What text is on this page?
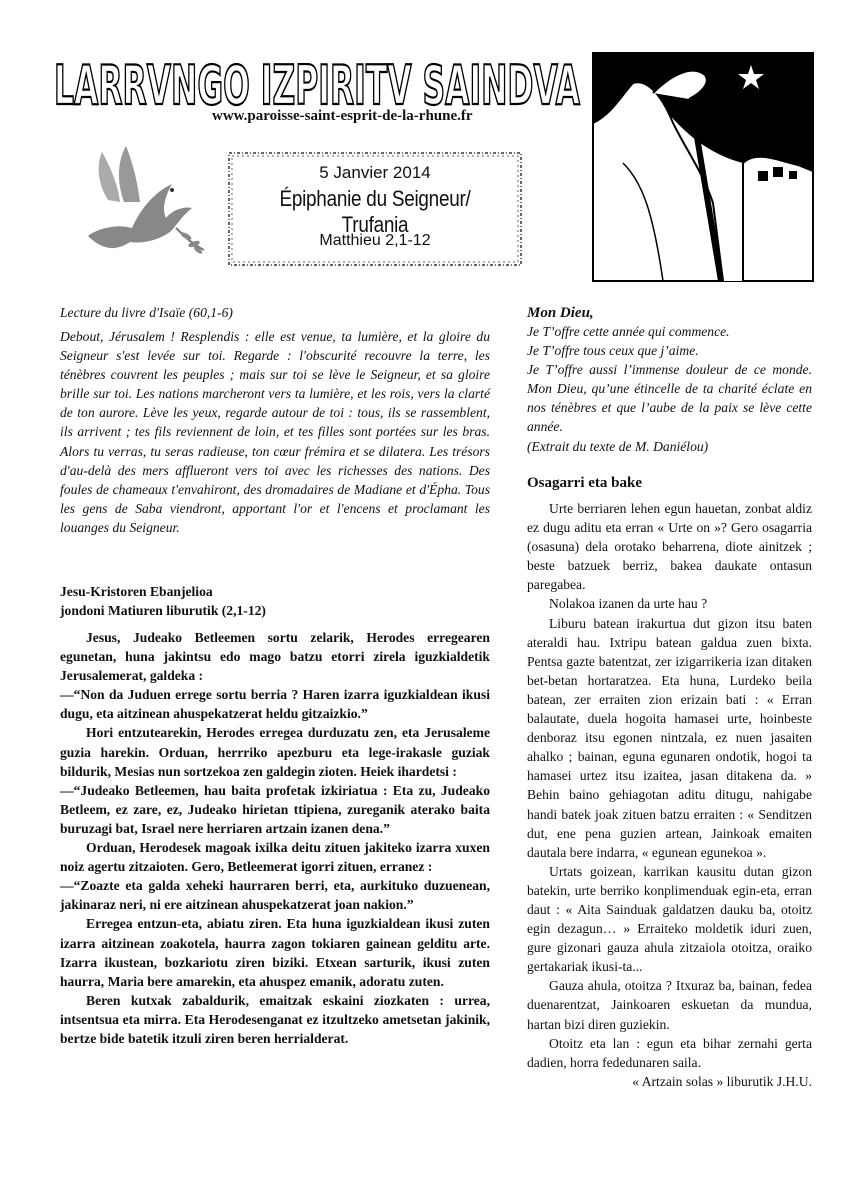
LARRVNGO IZPIRITV SAINDVA
www.paroisse-saint-esprit-de-la-rhune.fr
5 Janvier 2014
Épiphanie du Seigneur/ Trufania
Matthieu 2,1-12
Lecture du livre d'Isaïe (60,1-6)
Debout, Jérusalem ! Resplendis : elle est venue, ta lumière, et la gloire du Seigneur s'est levée sur toi. Regarde : l'obscurité recouvre la terre, les ténèbres couvrent les peuples ; mais sur toi se lève le Seigneur, et sa gloire brille sur toi. Les nations marcheront vers ta lumière, et les rois, vers la clarté de ton aurore. Lève les yeux, regarde autour de toi : tous, ils se rassemblent, ils arrivent ; tes fils reviennent de loin, et tes filles sont portées sur les bras. Alors tu verras, tu seras radieuse, ton cœur frémira et se dilatera. Les trésors d'au-delà des mers afflueront vers toi avec les richesses des nations. Des foules de chameaux t'envahiront, des dromadaires de Madiane et d'Épha. Tous les gens de Saba viendront, apportant l'or et l'encens et proclamant les louanges du Seigneur.
Jesu-Kristoren Ebanjelioa
jondoni Matiuren liburutik (2,1-12)

Jesus, Judeako Betleemen sortu zelarik, Herodes erregearen egunetan, huna jakintsu edo mago batzu etorri zirela iguzkialdetik Jerusalemerat, galdeka :

—“Non da Juduen errege sortu berria ? Haren izarra iguzkialdean ikusi dugu, eta aitzinean ahuspekatzerat heldu gitzaizkio.”

Hori entzutearekin, Herodes erregea durduzatu zen, eta Jerusaleme guzia harekin. Orduan, herrriko apezburu eta lege-irakasle guziak bildurik, Mesias nun sortzekoa zen galdegin zioten. Heiek ihardetsi :

—“Judeako Betleemen, hau baita profetak izkiriatua : Eta zu, Judeako Betleem, ez zare, ez, Judeako hirietan ttipiena, zureganik aterako baita buruzagi bat, Israel nere herriaren artzain izanen dena.”

Orduan, Herodesek magoak ixilka deitu zituen jakiteko izarra xuxen noiz agertu zitzaioten. Gero, Betleemerat igorri zituen, erranez :

—“Zoazte eta galda xeheki haurraren berri, eta, aurkituko duzuenean, jakinaraz neri, ni ere aitzinean ahuspekatzerat joan nakion.”

Erregea entzun-eta, abiatu ziren. Eta huna iguzkialdean ikusi zuten izarra aitzinean zoakotela, haurra zagon tokiaren gainean gelditu arte. Izarra ikustean, bozkariotu ziren biziki. Etxean sarturik, ikusi zuten haurra, Maria bere amarekin, eta ahuspez emanik, adoratu zuten.

Beren kutxak zabaldurik, emaitzak eskaini ziozkaten : urrea, intsentsua eta mirra. Eta Herodesenganat ez itzultzeko ametsetan jakinik, bertze bide batetik itzuli ziren beren herrialderat.

Mon Dieu,

Je T’offre cette année qui commence.

Je T’offre tous ceux que j’aime.

Je T’offre aussi l’immense douleur de ce monde. Mon Dieu, qu’une étincelle de ta charité éclate en nos ténèbres et que l’aube de la paix se lève cette année.

(Extrait du texte de M. Daniélou)

Osagarri eta bake

Urte berriaren lehen egun hauetan, zonbat aldiz ez dugu aditu eta erran « Urte on »? Gero osagarria (osasuna) dela orotako beharrena, diote ainitzek ; beste batzuek berriz, bakea daukate ontasun paregabea.

Nolakoa izanen da urte hau ?

Liburu batean irakurtua dut gizon itsu baten ateraldi hau. Ixtripu batean galdua zuen bixta. Pentsa gazte batentzat, zer izigarrikeria izan ditaken bet-betan hortaratzea. Eta huna, Lurdeko beila batean, zer erraiten zion erizain bati : « Erran balautate, duela hogoita hamasei urte, hoinbeste denboraz itsu egonen nintzala, ez nuen jasaiten ahalko ; bainan, eguna egunaren ondotik, hogoi ta hamasei urtez itsu izaitea, jasan ditakena da. » Behin baino gehiagotan aditu ditugu, nahigabe handi batek joak zituen batzu erraiten : « Senditzen dut, ene pena guzien artean, Jainkoak emaiten dautala bere indarra, « egunean egunekoa ».

Urtats goizean, karrikan kausitu dutan gizon batekin, urte berriko konplimenduak egin-eta, erran daut : « Aita Sainduak galdatzen dauku ba, otoitz egin dezagun… » Erraiteko moldetik iduri zuen, gure gizonari gauza ahula zitzaiola otoitza, oraiko gertakariak ikusi-ta...

Gauza ahula, otoitza ? Itxuraz ba, bainan, fedea duenarentzat, Jainkoaren eskuetan da mundua, hartan bizi diren guziekin.

Otoitz eta lan : egun eta bihar zernahi gerta dadien, horra fededunaren saila.

« Artzain solas » liburutik J.H.U.
